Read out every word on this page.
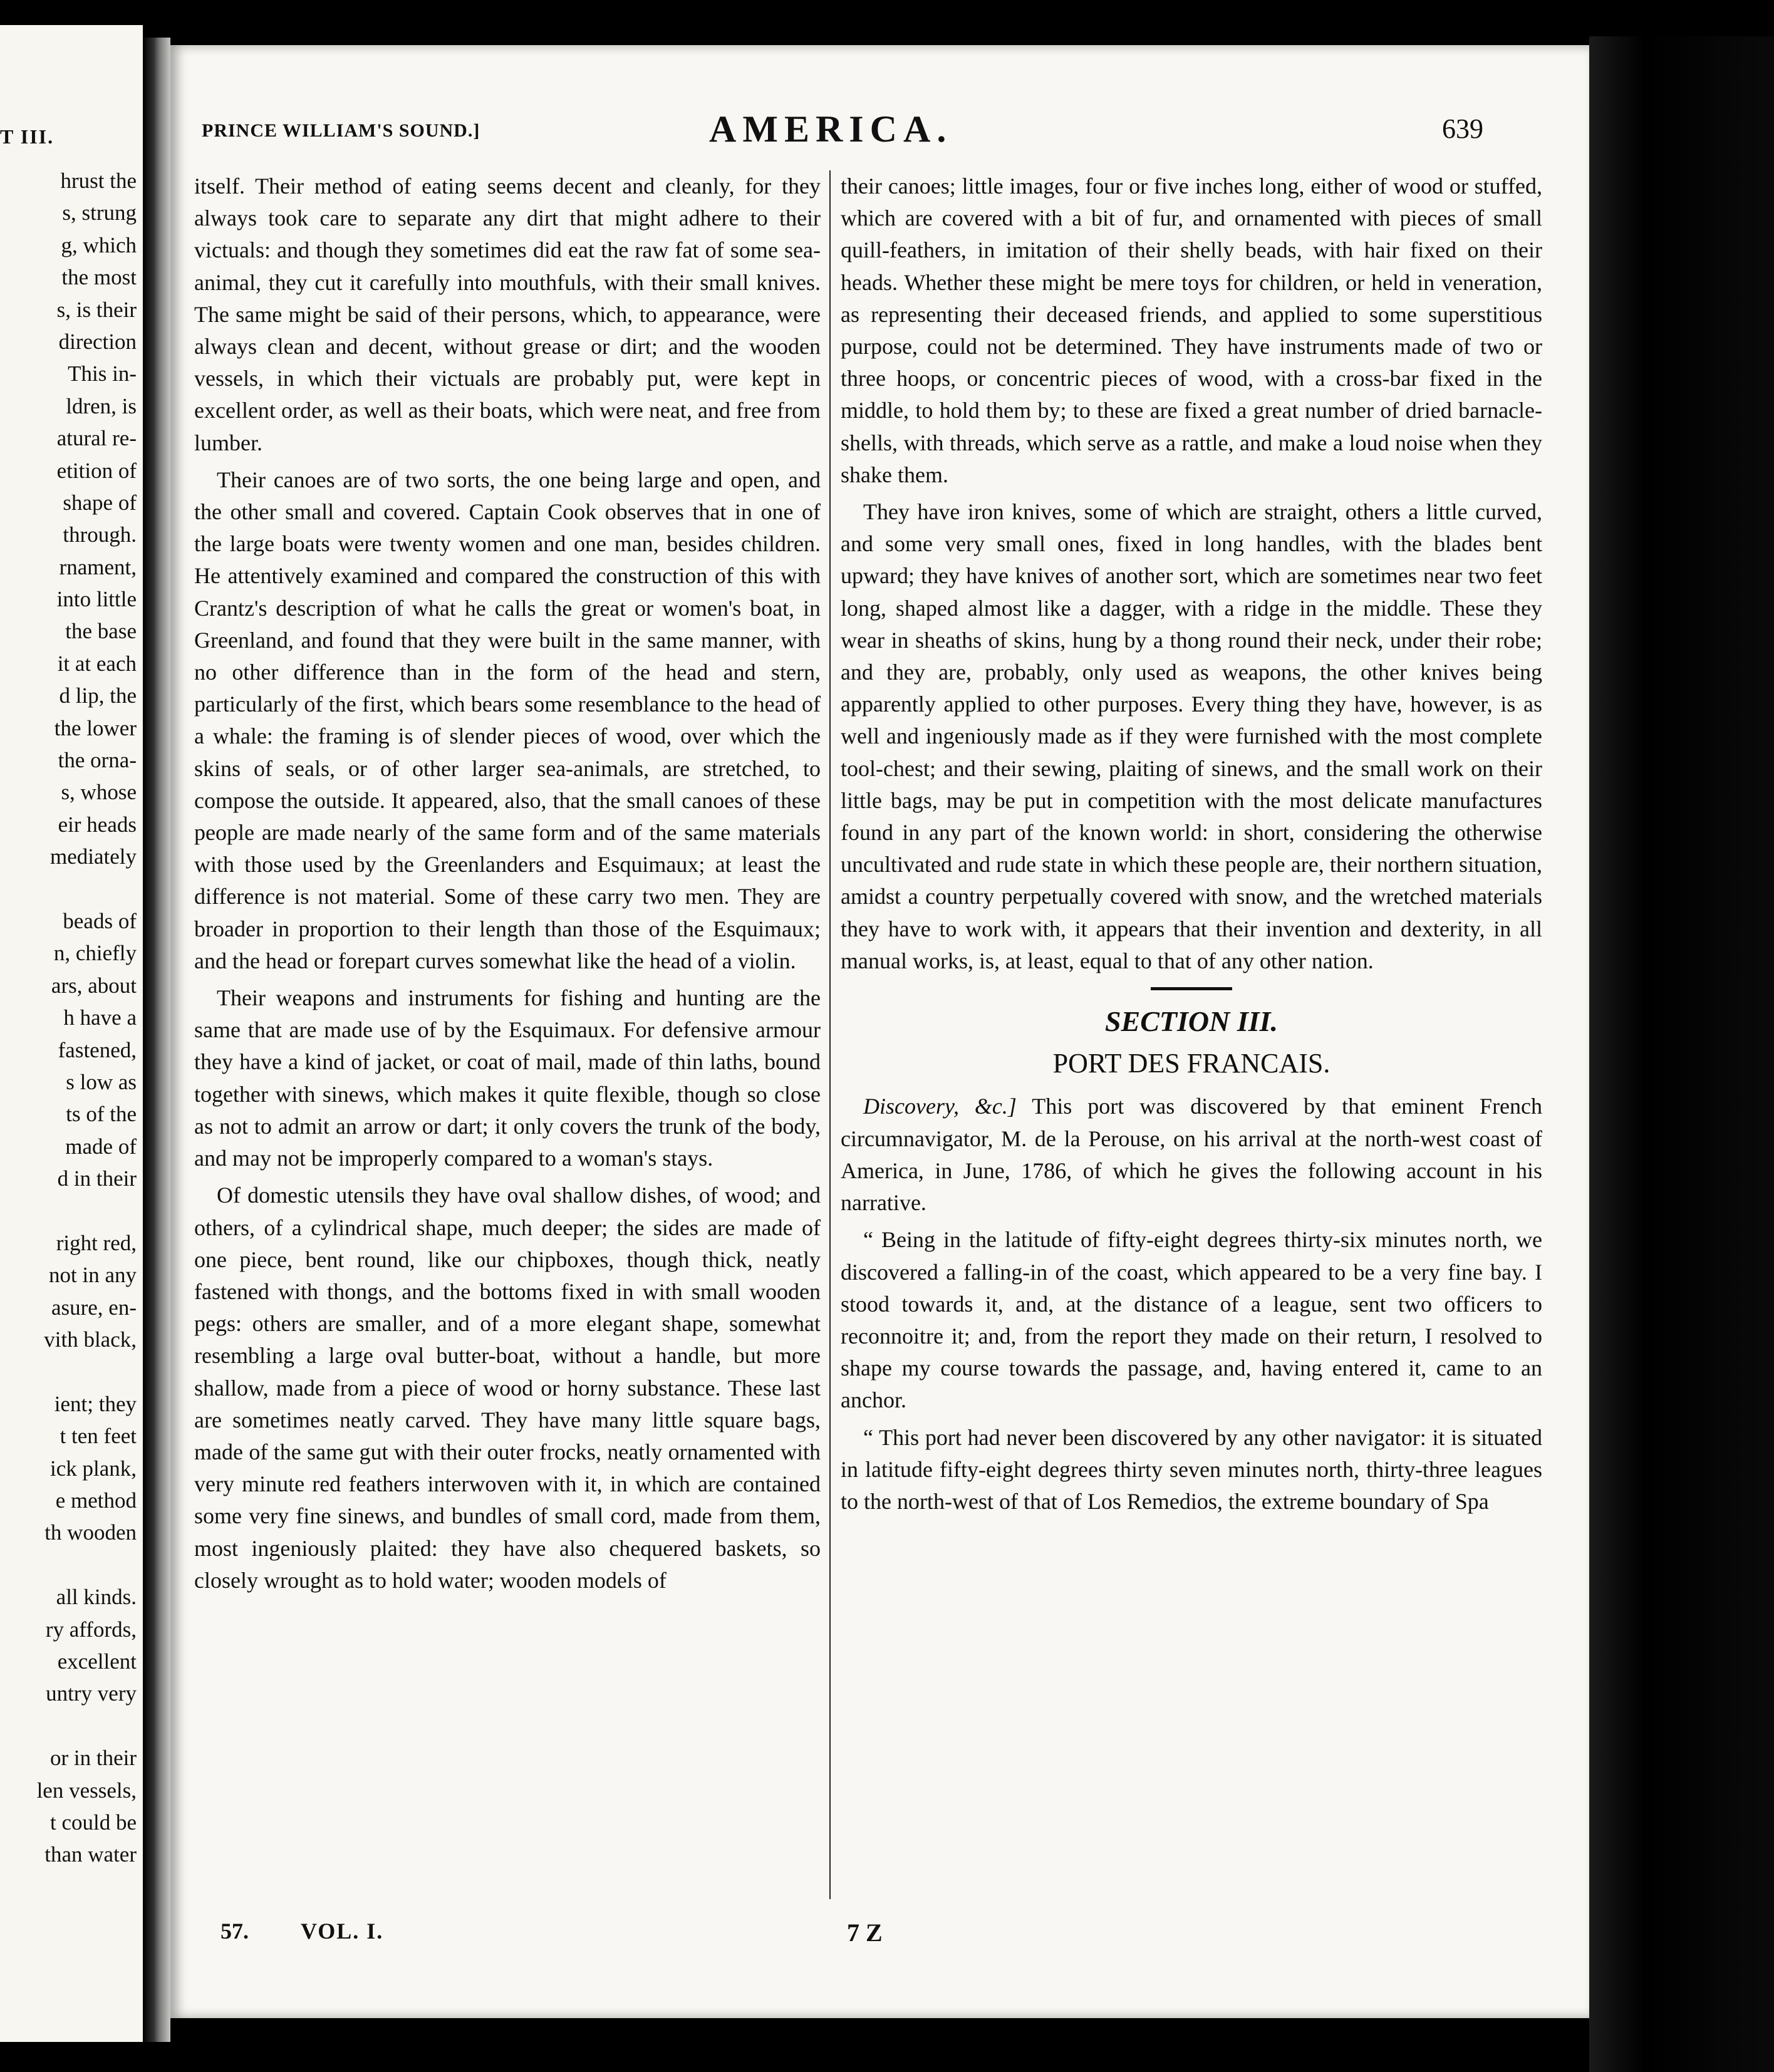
T III.
hrust the
s, strung
g, which
the most
s, is their
direction
This in-
ldren, is
atural re-
etition of
shape of
through.
rnament,
into little
the base
it at each
d lip, the
the lower
the orna-
s, whose
eir heads
mediately
beads of
n, chiefly
ars, about
h have a
fastened,
s low as
ts of the
made of
d in their
right red,
not in any
asure, en-
vith black,
ient; they
t ten feet
ick plank,
e method
th wooden
all kinds.
ry affords,
excellent
untry very
or in their
len vessels,
t could be
than water
PRINCE WILLIAM'S SOUND.]	AMERICA.	639

itself. Their method of eating seems decent and cleanly, for they always took care to separate any dirt that might adhere to their victuals: and though they sometimes did eat the raw fat of some sea-animal, they cut it carefully into mouthfuls, with their small knives. The same might be said of their persons, which, to appearance, were always clean and decent, without grease or dirt; and the wooden vessels, in which their victuals are probably put, were kept in excellent order, as well as their boats, which were neat, and free from lumber.

Their canoes are of two sorts, the one being large and open, and the other small and covered. Captain Cook observes that in one of the large boats were twenty women and one man, besides children. He attentively examined and compared the construction of this with Crantz's description of what he calls the great or women's boat, in Greenland, and found that they were built in the same manner, with no other difference than in the form of the head and stern, particularly of the first, which bears some resemblance to the head of a whale: the framing is of slender pieces of wood, over which the skins of seals, or of other larger sea-animals, are stretched, to compose the outside. It appeared, also, that the small canoes of these people are made nearly of the same form and of the same materials with those used by the Greenlanders and Esquimaux; at least the difference is not material. Some of these carry two men. They are broader in proportion to their length than those of the Esquimaux; and the head or forepart curves somewhat like the head of a violin.

Their weapons and instruments for fishing and hunting are the same that are made use of by the Esquimaux. For defensive armour they have a kind of jacket, or coat of mail, made of thin laths, bound together with sinews, which makes it quite flexible, though so close as not to admit an arrow or dart; it only covers the trunk of the body, and may not be improperly compared to a woman's stays.

Of domestic utensils they have oval shallow dishes, of wood; and others, of a cylindrical shape, much deeper; the sides are made of one piece, bent round, like our chipboxes, though thick, neatly fastened with thongs, and the bottoms fixed in with small wooden pegs: others are smaller, and of a more elegant shape, somewhat resembling a large oval butter-boat, without a handle, but more shallow, made from a piece of wood or horny substance. These last are sometimes neatly carved. They have many little square bags, made of the same gut with their outer frocks, neatly ornamented with very minute red feathers interwoven with it, in which are contained some very fine sinews, and bundles of small cord, made from them, most ingeniously plaited: they have also chequered baskets, so closely wrought as to hold water; wooden models of

their canoes; little images, four or five inches long, either of wood or stuffed, which are covered with a bit of fur, and ornamented with pieces of small quill-feathers, in imitation of their shelly beads, with hair fixed on their heads. Whether these might be mere toys for children, or held in veneration, as representing their deceased friends, and applied to some superstitious purpose, could not be determined. They have instruments made of two or three hoops, or concentric pieces of wood, with a cross-bar fixed in the middle, to hold them by; to these are fixed a great number of dried barnacle-shells, with threads, which serve as a rattle, and make a loud noise when they shake them.

They have iron knives, some of which are straight, others a little curved, and some very small ones, fixed in long handles, with the blades bent upward; they have knives of another sort, which are sometimes near two feet long, shaped almost like a dagger, with a ridge in the middle. These they wear in sheaths of skins, hung by a thong round their neck, under their robe; and they are, probably, only used as weapons, the other knives being apparently applied to other purposes. Every thing they have, however, is as well and ingeniously made as if they were furnished with the most complete tool-chest; and their sewing, plaiting of sinews, and the small work on their little bags, may be put in competition with the most delicate manufactures found in any part of the known world: in short, considering the otherwise uncultivated and rude state in which these people are, their northern situation, amidst a country perpetually covered with snow, and the wretched materials they have to work with, it appears that their invention and dexterity, in all manual works, is, at least, equal to that of any other nation.

SECTION III.
PORT DES FRANCAIS.

Discovery, &c.] This port was discovered by that eminent French circumnavigator, M. de la Perouse, on his arrival at the north-west coast of America, in June, 1786, of which he gives the following account in his narrative.

“ Being in the latitude of fifty-eight degrees thirty-six minutes north, we discovered a falling-in of the coast, which appeared to be a very fine bay. I stood towards it, and, at the distance of a league, sent two officers to reconnoitre it; and, from the report they made on their return, I resolved to shape my course towards the passage, and, having entered it, came to an anchor.

“ This port had never been discovered by any other navigator: it is situated in latitude fifty-eight degrees thirty seven minutes north, thirty-three leagues to the north-west of that of Los Remedios, the extreme boundary of Spa

57. VOL. I.	7 Z
